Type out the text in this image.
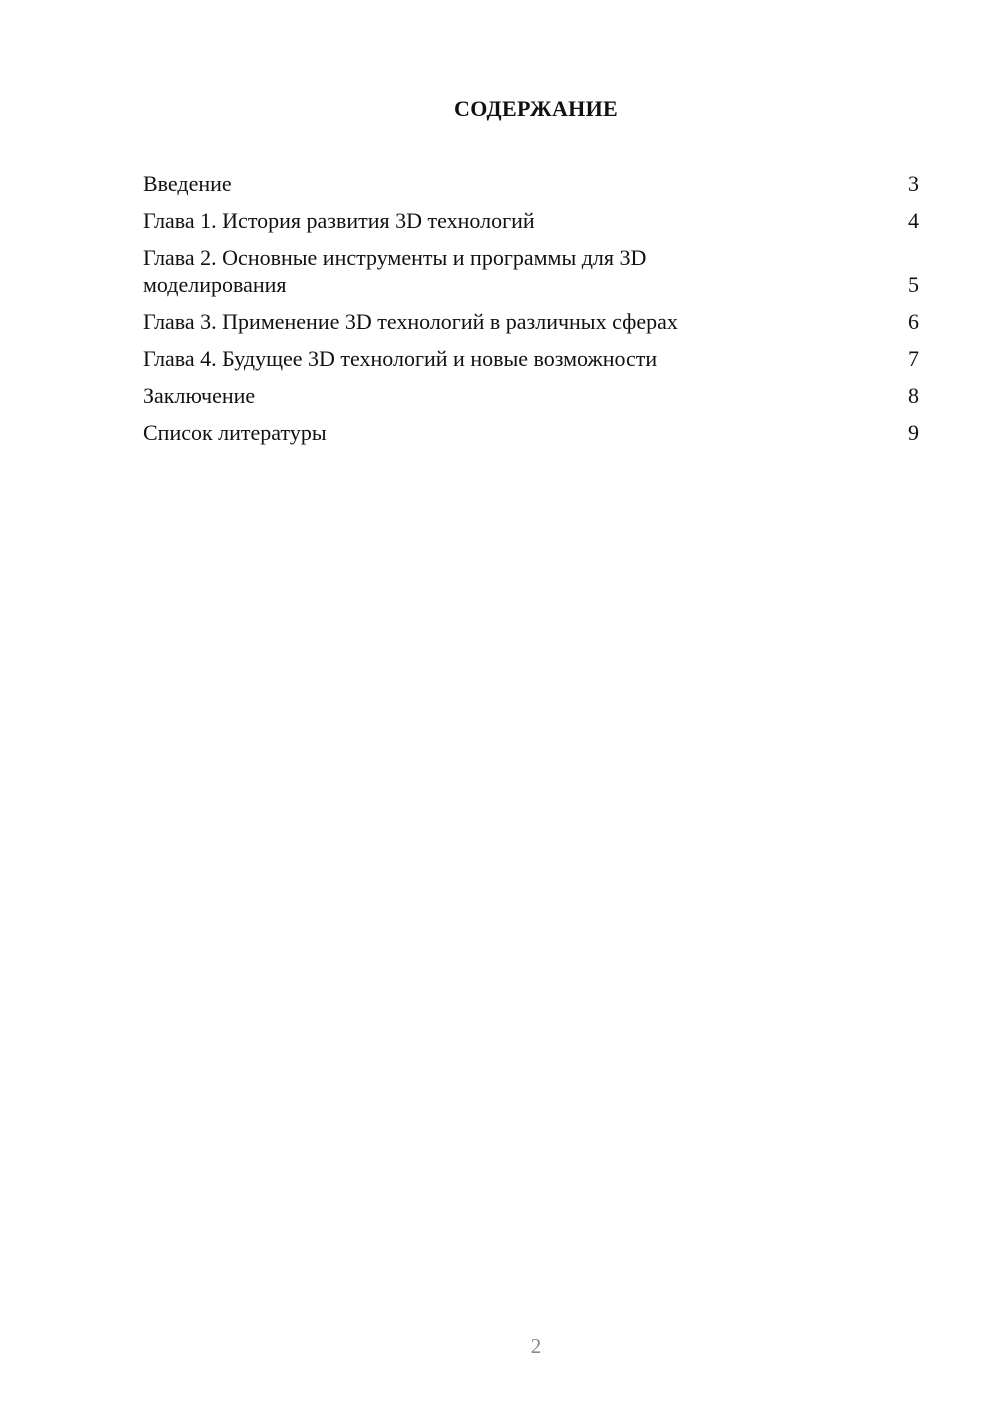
СОДЕРЖАНИЕ
Введение	3
Глава 1. История развития 3D технологий	4
Глава 2. Основные инструменты и программы для 3D моделирования	5
Глава 3. Применение 3D технологий в различных сферах	6
Глава 4. Будущее 3D технологий и новые возможности	7
Заключение	8
Список литературы	9
2
